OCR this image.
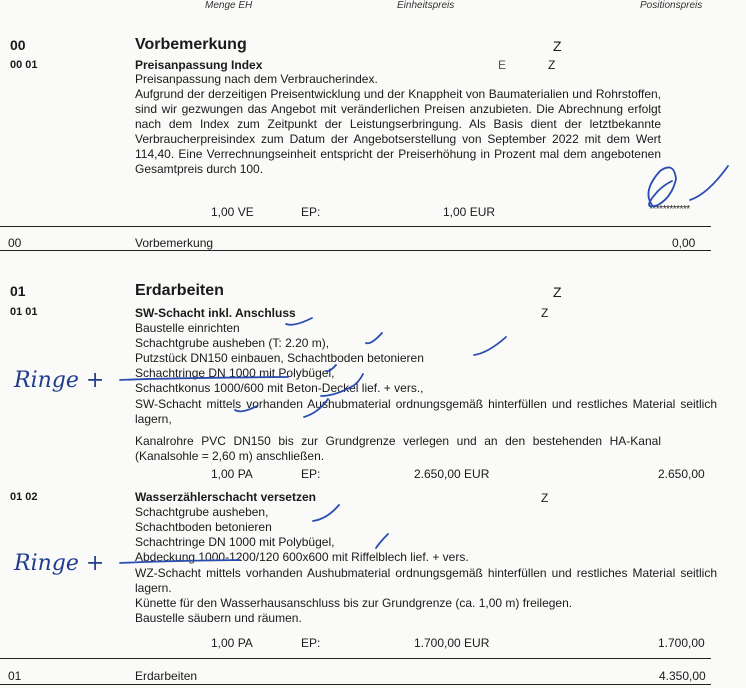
Menge EH	Einheitspreis	Positionspreis
00	Vorbemerkung	Z
00 01	Preisanpassung Index	E	Z
Preisanpassung nach dem Verbraucherindex.
Aufgrund der derzeitigen Preisentwicklung und der Knappheit von Baumaterialien und Rohrstoffen, sind wir gezwungen das Angebot mit veränderlichen Preisen anzubieten. Die Abrechnung erfolgt nach dem Index zum Zeitpunkt der Leistungserbringung. Als Basis dient der letztbekannte Verbraucherpreisindex zum Datum der Angebotserstellung von September 2022 mit dem Wert 114,40. Eine Verrechnungseinheit entspricht der Preiserhöhung in Prozent mal dem angebotenen Gesamtpreis durch 100.
1,00 VE	EP:	1,00 EUR	************
00	Vorbemerkung	0,00
01	Erdarbeiten	Z
01 01	SW-Schacht inkl. Anschluss	Z
Baustelle einrichten
Schachtgrube ausheben (T: 2.20 m),
Putzstück DN150 einbauen, Schachtboden betonieren
Schachtringe DN 1000 mit Polybügel,
Schachtkonus 1000/600 mit Beton-Deckel lief. + vers.,
SW-Schacht mittels vorhanden Aushubmaterial ordnungsgemäß hinterfüllen und restliches Material seitlich lagern,
Kanalrohre PVC DN150 bis zur Grundgrenze verlegen und an den bestehenden HA-Kanal (Kanalsohle = 2,60 m) anschließen.
1,00 PA	EP:	2.650,00 EUR	2.650,00
01 02	Wasserzählerschacht versetzen	Z
Schachtgrube ausheben,
Schachtboden betonieren
Schachtringe DN 1000 mit Polybügel,
Abdeckung 1000-1200/120 600x600 mit Riffelblech lief. + vers.
WZ-Schacht mittels vorhanden Aushubmaterial ordnungsgemäß hinterfüllen und restliches Material seitlich lagern.
Künette für den Wasserhausanschluss bis zur Grundgrenze (ca. 1,00 m) freilegen.
Baustelle säubern und räumen.
1,00 PA	EP:	1.700,00 EUR	1.700,00
01	Erdarbeiten	4.350,00
Ringe +
Ringe +
